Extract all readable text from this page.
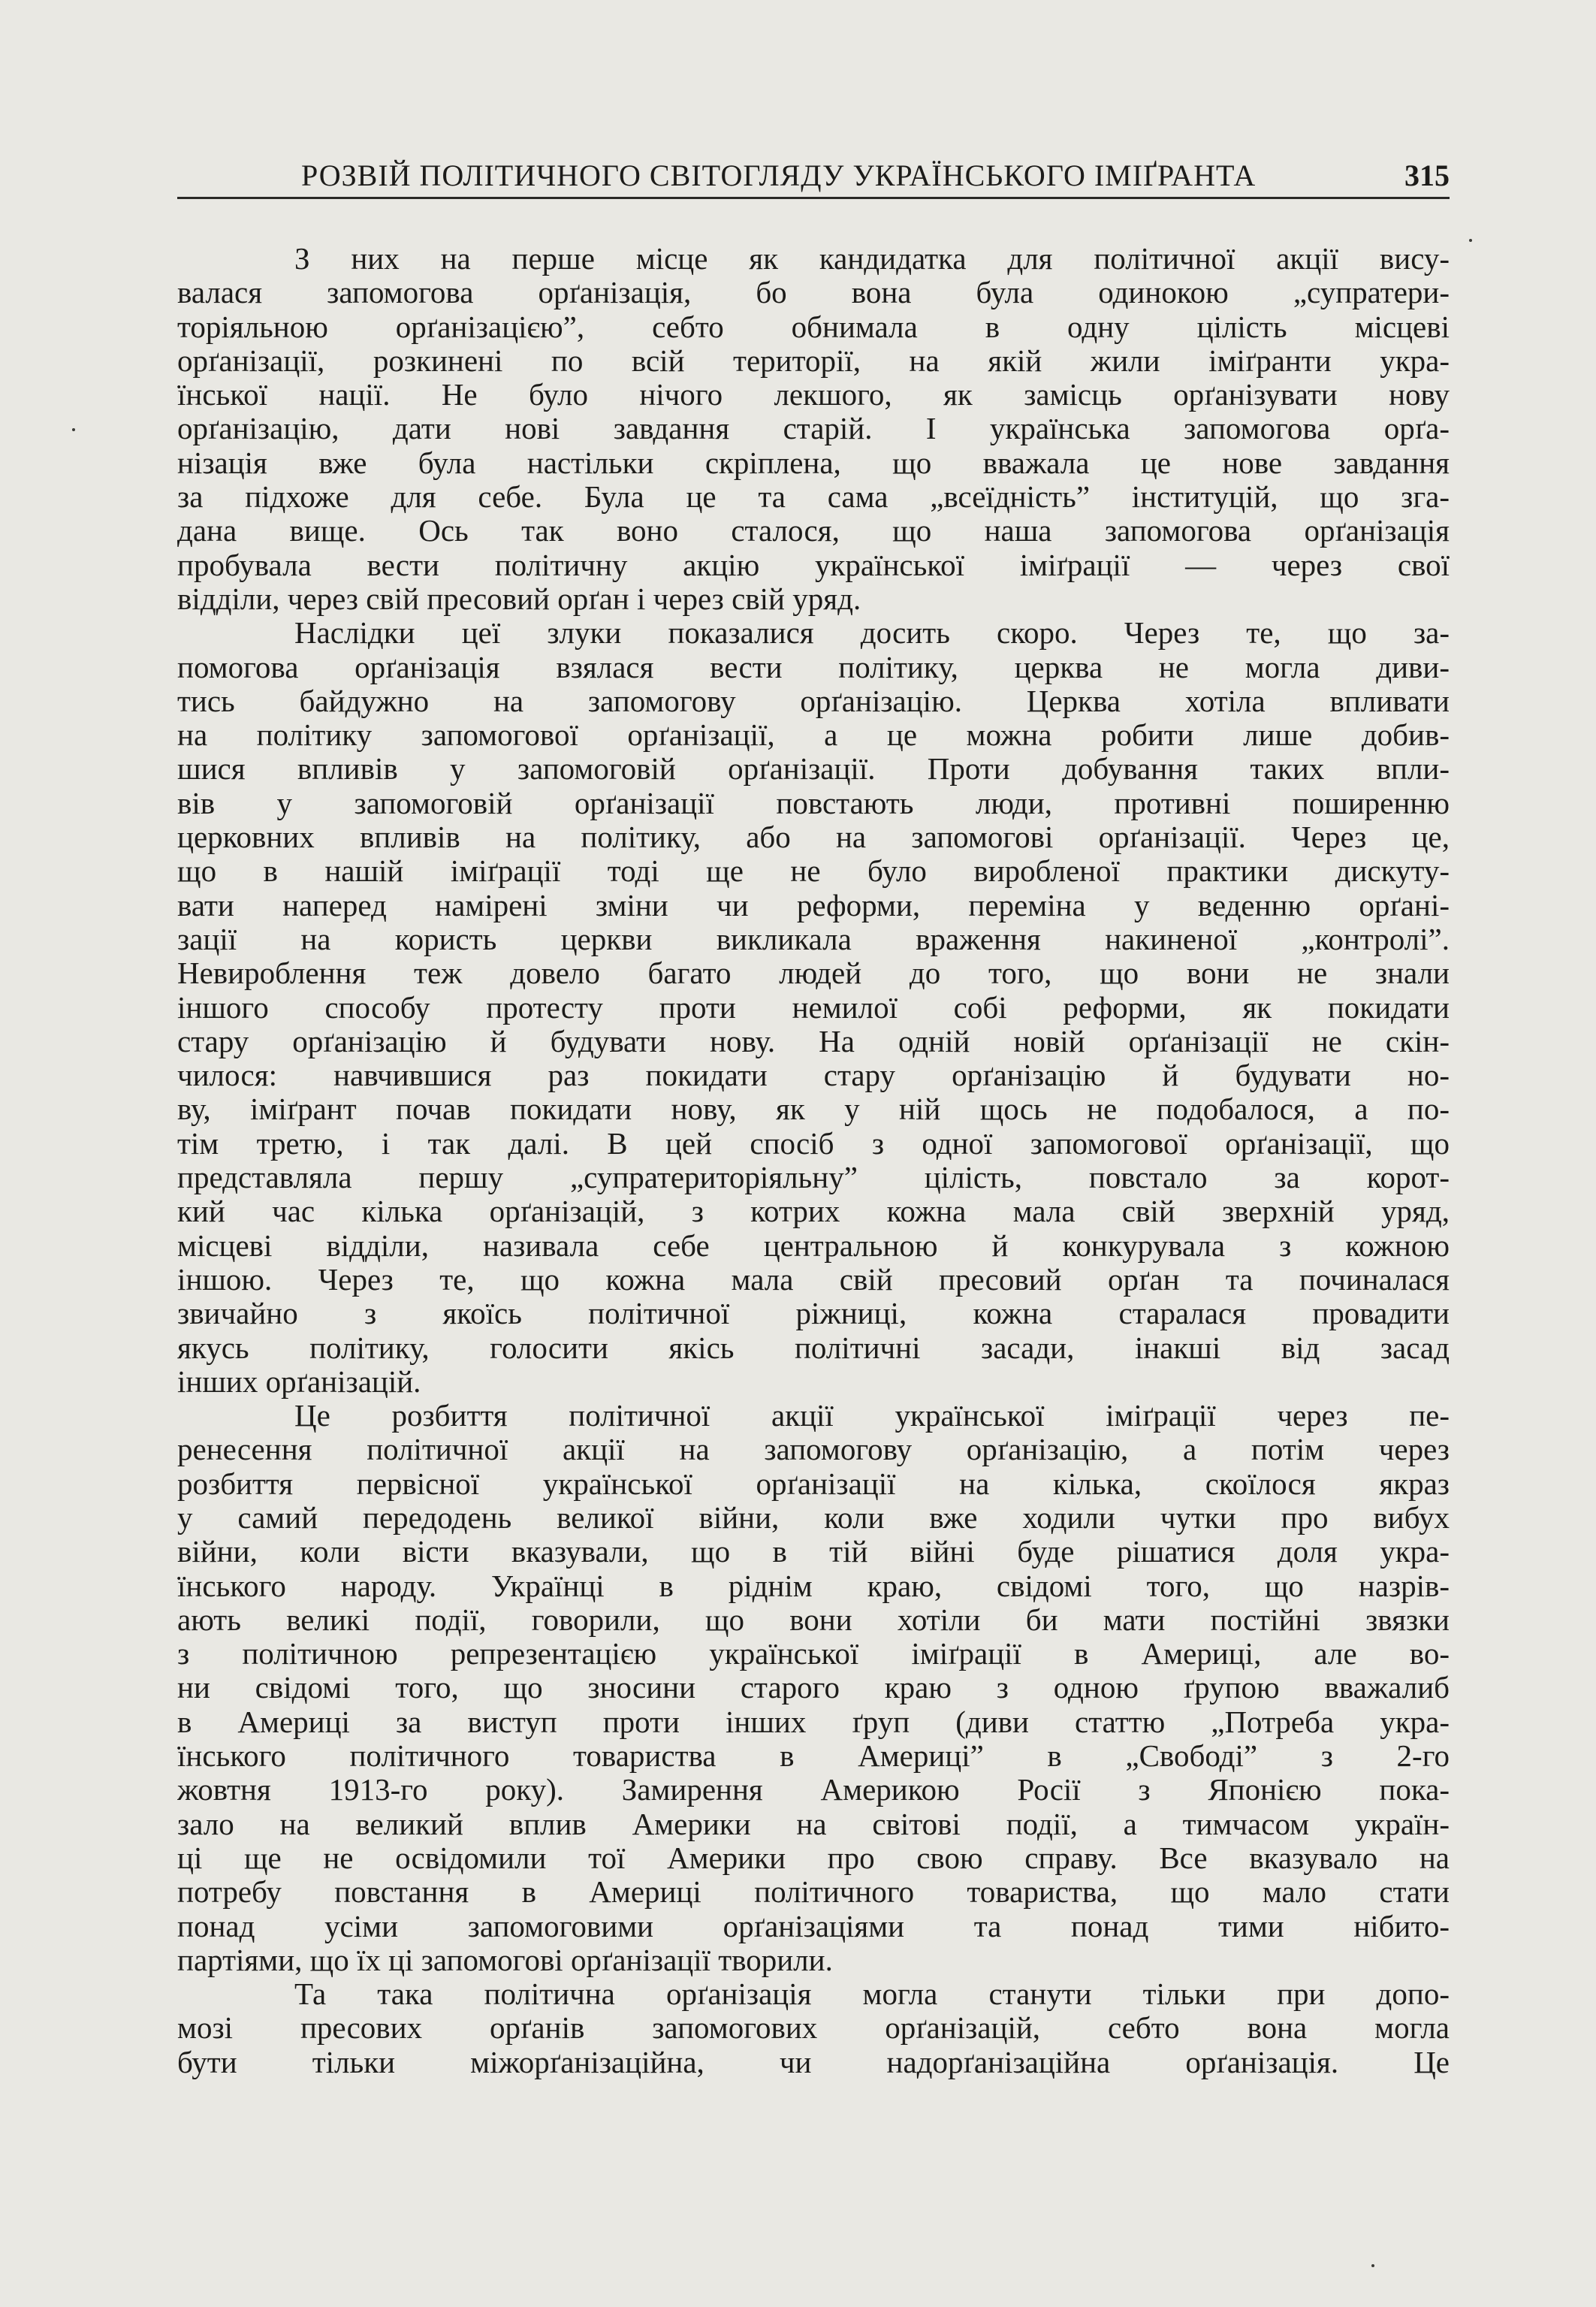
РОЗВІЙ ПОЛІТИЧНОГО СВІТОГЛЯДУ УКРАЇНСЬКОГО ІМІҐРАНТА	315
З них на перше місце як кандидатка для політичної акції вису-
валася запомогова орґанізація, бо вона була одинокою „супратери-
торіяльною орґанізацією”, себто обнимала в одну цілість місцеві
орґанізації, розкинені по всій території, на якій жили іміґранти укра-
їнської нації. Не було нічого лекшого, як замісць орґанізувати нову
орґанізацію, дати нові завдання старій. І українська запомогова орґа-
нізація вже була настільки скріплена, що вважала це нове завдання
за підхоже для себе. Була це та сама „всеїдність” інституцій, що зга-
дана вище. Ось так воно сталося, що наша запомогова орґанізація
пробувала вести політичну акцію української іміґрації — через свої
відділи, через свій пресовий орґан і через свій уряд.
Наслідки цеї злуки показалися досить скоро. Через те, що за-
помогова орґанізація взялася вести політику, церква не могла диви-
тись байдужно на запомогову орґанізацію. Церква хотіла впливати
на політику запомогової орґанізації, а це можна робити лише добив-
шися впливів у запомоговій орґанізації. Проти добування таких впли-
вів у запомоговій орґанізації повстають люди, противні поширенню
церковних впливів на політику, або на запомогові орґанізації. Через це,
що в нашій іміґрації тоді ще не було виробленої практики дискуту-
вати наперед намірені зміни чи реформи, переміна у веденню орґані-
зації на користь церкви викликала враження накиненої „контролі”.
Невироблення теж довело багато людей до того, що вони не знали
іншого способу протесту проти немилої собі реформи, як покидати
стару орґанізацію й будувати нову. На одній новій орґанізації не скін-
чилося: навчившися раз покидати стару орґанізацію й будувати но-
ву, іміґрант почав покидати нову, як у ній щось не подобалося, а по-
тім третю, і так далі. В цей спосіб з одної запомогової орґанізації, що
представляла першу „супратериторіяльну” цілість, повстало за корот-
кий час кілька орґанізацій, з котрих кожна мала свій зверхній уряд,
місцеві відділи, називала себе центральною й конкурувала з кожною
іншою. Через те, що кожна мала свій пресовий орґан та починалася
звичайно з якоїсь політичної ріжниці, кожна старалася провадити
якусь політику, голосити якісь політичні засади, інакші від засад
інших орґанізацій.
Це розбиття політичної акції української іміґрації через пе-
ренесення політичної акції на запомогову орґанізацію, а потім через
розбиття первісної української орґанізації на кілька, скоїлося якраз
у самий передодень великої війни, коли вже ходили чутки про вибух
війни, коли вісти вказували, що в тій війні буде рішатися доля укра-
їнського народу. Українці в ріднім краю, свідомі того, що назрів-
ають великі події, говорили, що вони хотіли би мати постійні звязки
з політичною репрезентацією української іміґрації в Америці, але во-
ни свідомі того, що зносини старого краю з одною ґрупою вважалиб
в Америці за виступ проти інших ґруп (диви статтю „Потреба укра-
їнського політичного товариства в Америці” в „Свободі” з 2-го
жовтня 1913-го року). Замирення Америкою Росії з Японією пока-
зало на великий вплив Америки на світові події, а тимчасом україн-
ці ще не освідомили тої Америки про свою справу. Все вказувало на
потребу повстання в Америці політичного товариства, що мало стати
понад усіми запомоговими орґанізаціями та понад тими нібито-
партіями, що їх ці запомогові орґанізації творили.
Та така політична орґанізація могла станути тільки при допо-
мозі пресових орґанів запомогових орґанізацій, себто вона могла
бути тільки міжорґанізаційна, чи надорґанізаційна орґанізація. Це
